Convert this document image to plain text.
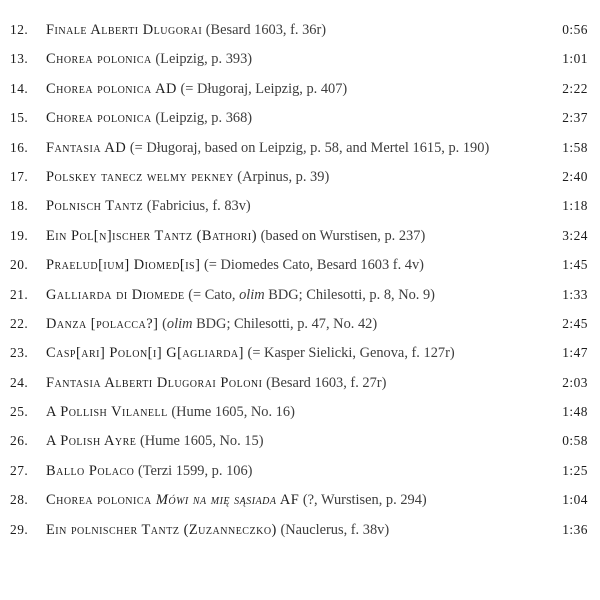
12.	Finale Alberti Dlugorai (Besard 1603, f. 36r)	0:56
13.	Chorea polonica (Leipzig, p. 393)	1:01
14.	Chorea polonica AD (= Długoraj, Leipzig, p. 407)	2:22
15.	Chorea polonica (Leipzig, p. 368)	2:37
16.	Fantasia AD (= Długoraj, based on Leipzig, p. 58, and Mertel 1615, p. 190)	1:58
17.	Polskey tanecz welmy pekney (Arpinus, p. 39)	2:40
18.	Polnisch Tantz (Fabricius, f. 83v)	1:18
19.	Ein Pol[n]ischer Tantz (Bathori) (based on Wurstisen, p. 237)	3:24
20.	Praelud[ium] Diomed[is] (= Diomedes Cato, Besard 1603 f. 4v)	1:45
21.	Galliarda di Diomede (= Cato, olim BDG; Chilesotti, p. 8, No. 9)	1:33
22.	Danza [polacca?] (olim BDG; Chilesotti, p. 47, No. 42)	2:45
23.	Casp[ari] Polon[i] G[agliarda] (= Kasper Sielicki, Genova, f. 127r)	1:47
24.	Fantasia Alberti Dlugorai Poloni (Besard 1603, f. 27r)	2:03
25.	A Pollish Vilanell (Hume 1605, No. 16)	1:48
26.	A Polish Ayre (Hume 1605, No. 15)	0:58
27.	Ballo Polaco (Terzi 1599, p. 106)	1:25
28.	Chorea polonica Mówi na mię sąsiada AF (?, Wurstisen, p. 294)	1:04
29.	Ein polnischer Tantz (Zuzanneczko) (Nauclerus, f. 38v)	1:36
